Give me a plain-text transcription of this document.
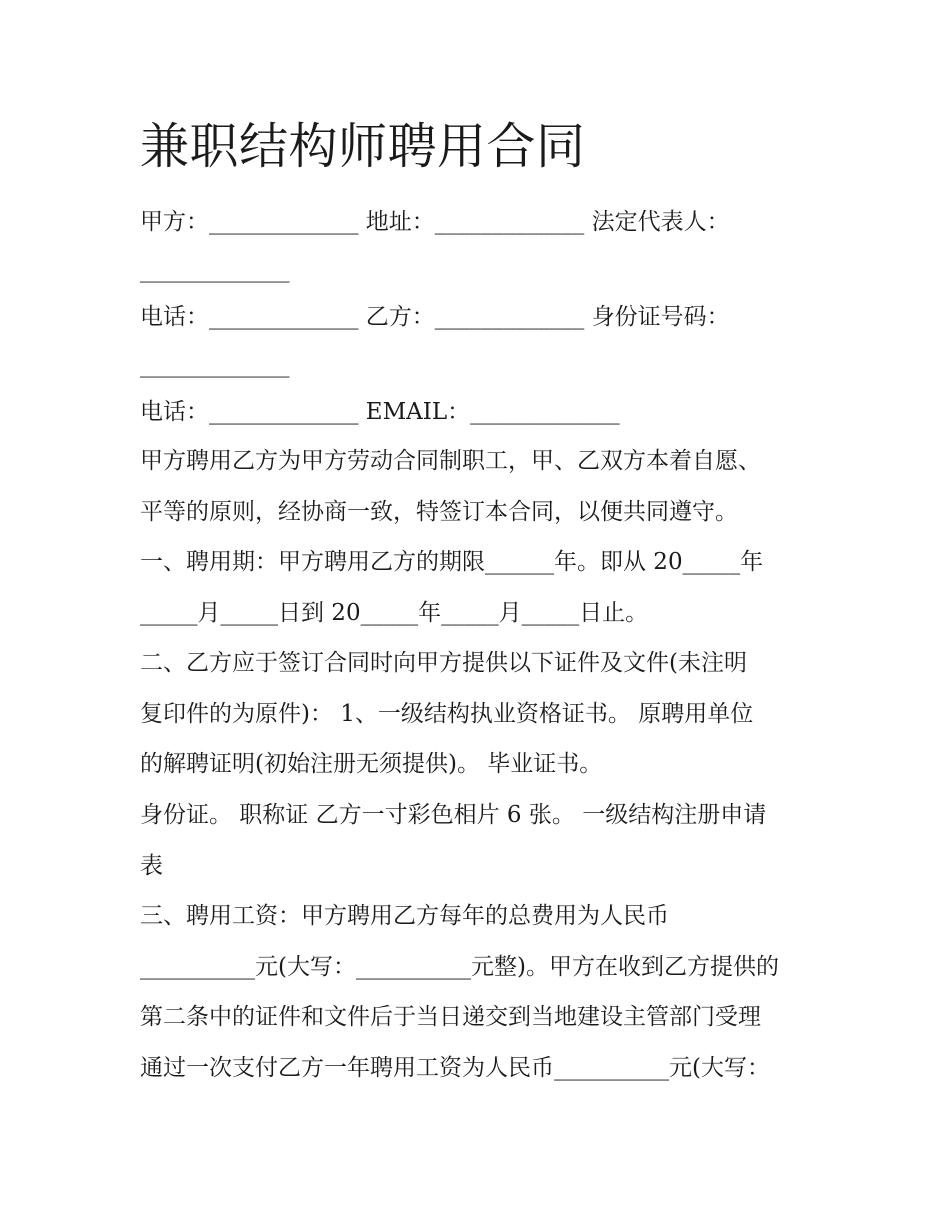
兼职结构师聘用合同
甲方：_____________ 地址：_____________ 法定代表人：
_____________
电话：_____________ 乙方：_____________ 身份证号码：
_____________
电话：_____________ EMAIL：_____________
甲方聘用乙方为甲方劳动合同制职工，甲、乙双方本着自愿、
平等的原则，经协商一致，特签订本合同，以便共同遵守。
一、聘用期：甲方聘用乙方的期限______年。即从 20_____年
_____月_____日到 20_____年_____月_____日止。
二、乙方应于签订合同时向甲方提供以下证件及文件(未注明
复印件的为原件)： 1、一级结构执业资格证书。 原聘用单位
的解聘证明(初始注册无须提供)。 毕业证书。
身份证。 职称证 乙方一寸彩色相片 6 张。 一级结构注册申请
表
三、聘用工资：甲方聘用乙方每年的总费用为人民币
__________元(大写：__________元整)。甲方在收到乙方提供的
第二条中的证件和文件后于当日递交到当地建设主管部门受理
通过一次支付乙方一年聘用工资为人民币__________元(大写：
